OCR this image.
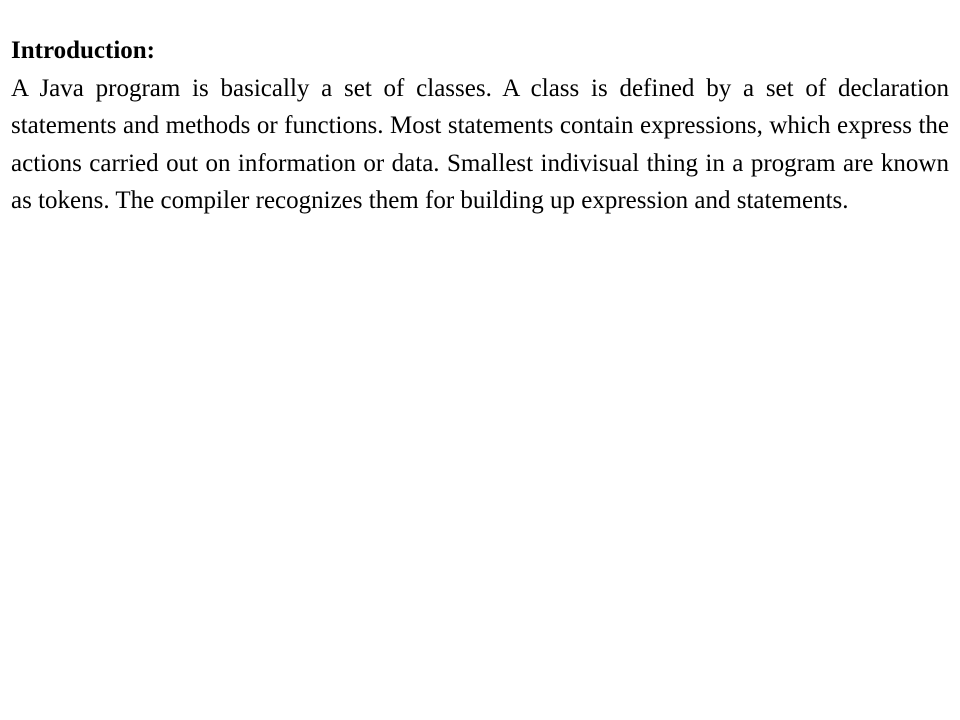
Introduction:

A Java program is basically a set of classes. A class is defined by a set of declaration statements and methods or functions. Most statements contain expressions, which express the actions carried out on information or data. Smallest indivisual thing in a program are known as tokens. The compiler recognizes them for building up expression and statements.
